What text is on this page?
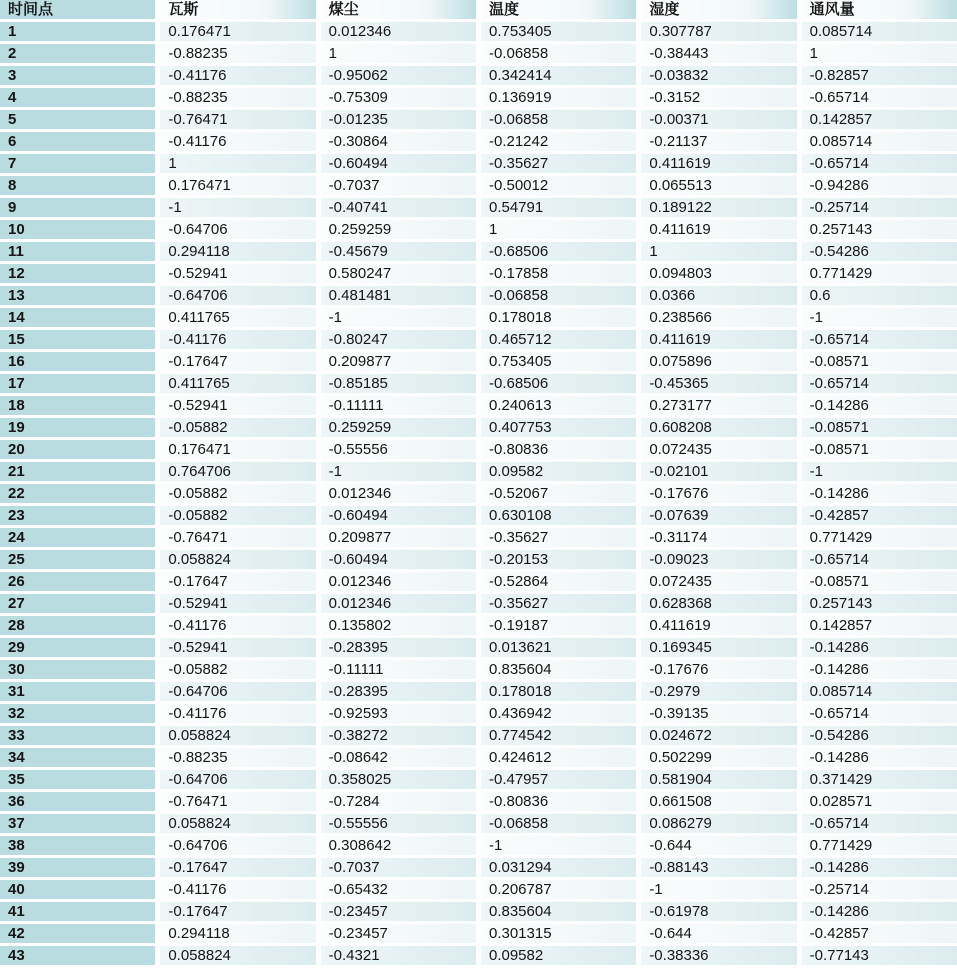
时间点	瓦斯	煤尘	温度	湿度	通风量
1	0.176471	0.012346	0.753405	0.307787	0.085714
2	-0.88235	1	-0.06858	-0.38443	1
3	-0.41176	-0.95062	0.342414	-0.03832	-0.82857
4	-0.88235	-0.75309	0.136919	-0.3152	-0.65714
5	-0.76471	-0.01235	-0.06858	-0.00371	0.142857
6	-0.41176	-0.30864	-0.21242	-0.21137	0.085714
7	1	-0.60494	-0.35627	0.411619	-0.65714
8	0.176471	-0.7037	-0.50012	0.065513	-0.94286
9	-1	-0.40741	0.54791	0.189122	-0.25714
10	-0.64706	0.259259	1	0.411619	0.257143
11	0.294118	-0.45679	-0.68506	1	-0.54286
12	-0.52941	0.580247	-0.17858	0.094803	0.771429
13	-0.64706	0.481481	-0.06858	0.0366	0.6
14	0.411765	-1	0.178018	0.238566	-1
15	-0.41176	-0.80247	0.465712	0.411619	-0.65714
16	-0.17647	0.209877	0.753405	0.075896	-0.08571
17	0.411765	-0.85185	-0.68506	-0.45365	-0.65714
18	-0.52941	-0.11111	0.240613	0.273177	-0.14286
19	-0.05882	0.259259	0.407753	0.608208	-0.08571
20	0.176471	-0.55556	-0.80836	0.072435	-0.08571
21	0.764706	-1	0.09582	-0.02101	-1
22	-0.05882	0.012346	-0.52067	-0.17676	-0.14286
23	-0.05882	-0.60494	0.630108	-0.07639	-0.42857
24	-0.76471	0.209877	-0.35627	-0.31174	0.771429
25	0.058824	-0.60494	-0.20153	-0.09023	-0.65714
26	-0.17647	0.012346	-0.52864	0.072435	-0.08571
27	-0.52941	0.012346	-0.35627	0.628368	0.257143
28	-0.41176	0.135802	-0.19187	0.411619	0.142857
29	-0.52941	-0.28395	0.013621	0.169345	-0.14286
30	-0.05882	-0.11111	0.835604	-0.17676	-0.14286
31	-0.64706	-0.28395	0.178018	-0.2979	0.085714
32	-0.41176	-0.92593	0.436942	-0.39135	-0.65714
33	0.058824	-0.38272	0.774542	0.024672	-0.54286
34	-0.88235	-0.08642	0.424612	0.502299	-0.14286
35	-0.64706	0.358025	-0.47957	0.581904	0.371429
36	-0.76471	-0.7284	-0.80836	0.661508	0.028571
37	0.058824	-0.55556	-0.06858	0.086279	-0.65714
38	-0.64706	0.308642	-1	-0.644	0.771429
39	-0.17647	-0.7037	0.031294	-0.88143	-0.14286
40	-0.41176	-0.65432	0.206787	-1	-0.25714
41	-0.17647	-0.23457	0.835604	-0.61978	-0.14286
42	0.294118	-0.23457	0.301315	-0.644	-0.42857
43	0.058824	-0.4321	0.09582	-0.38336	-0.77143
